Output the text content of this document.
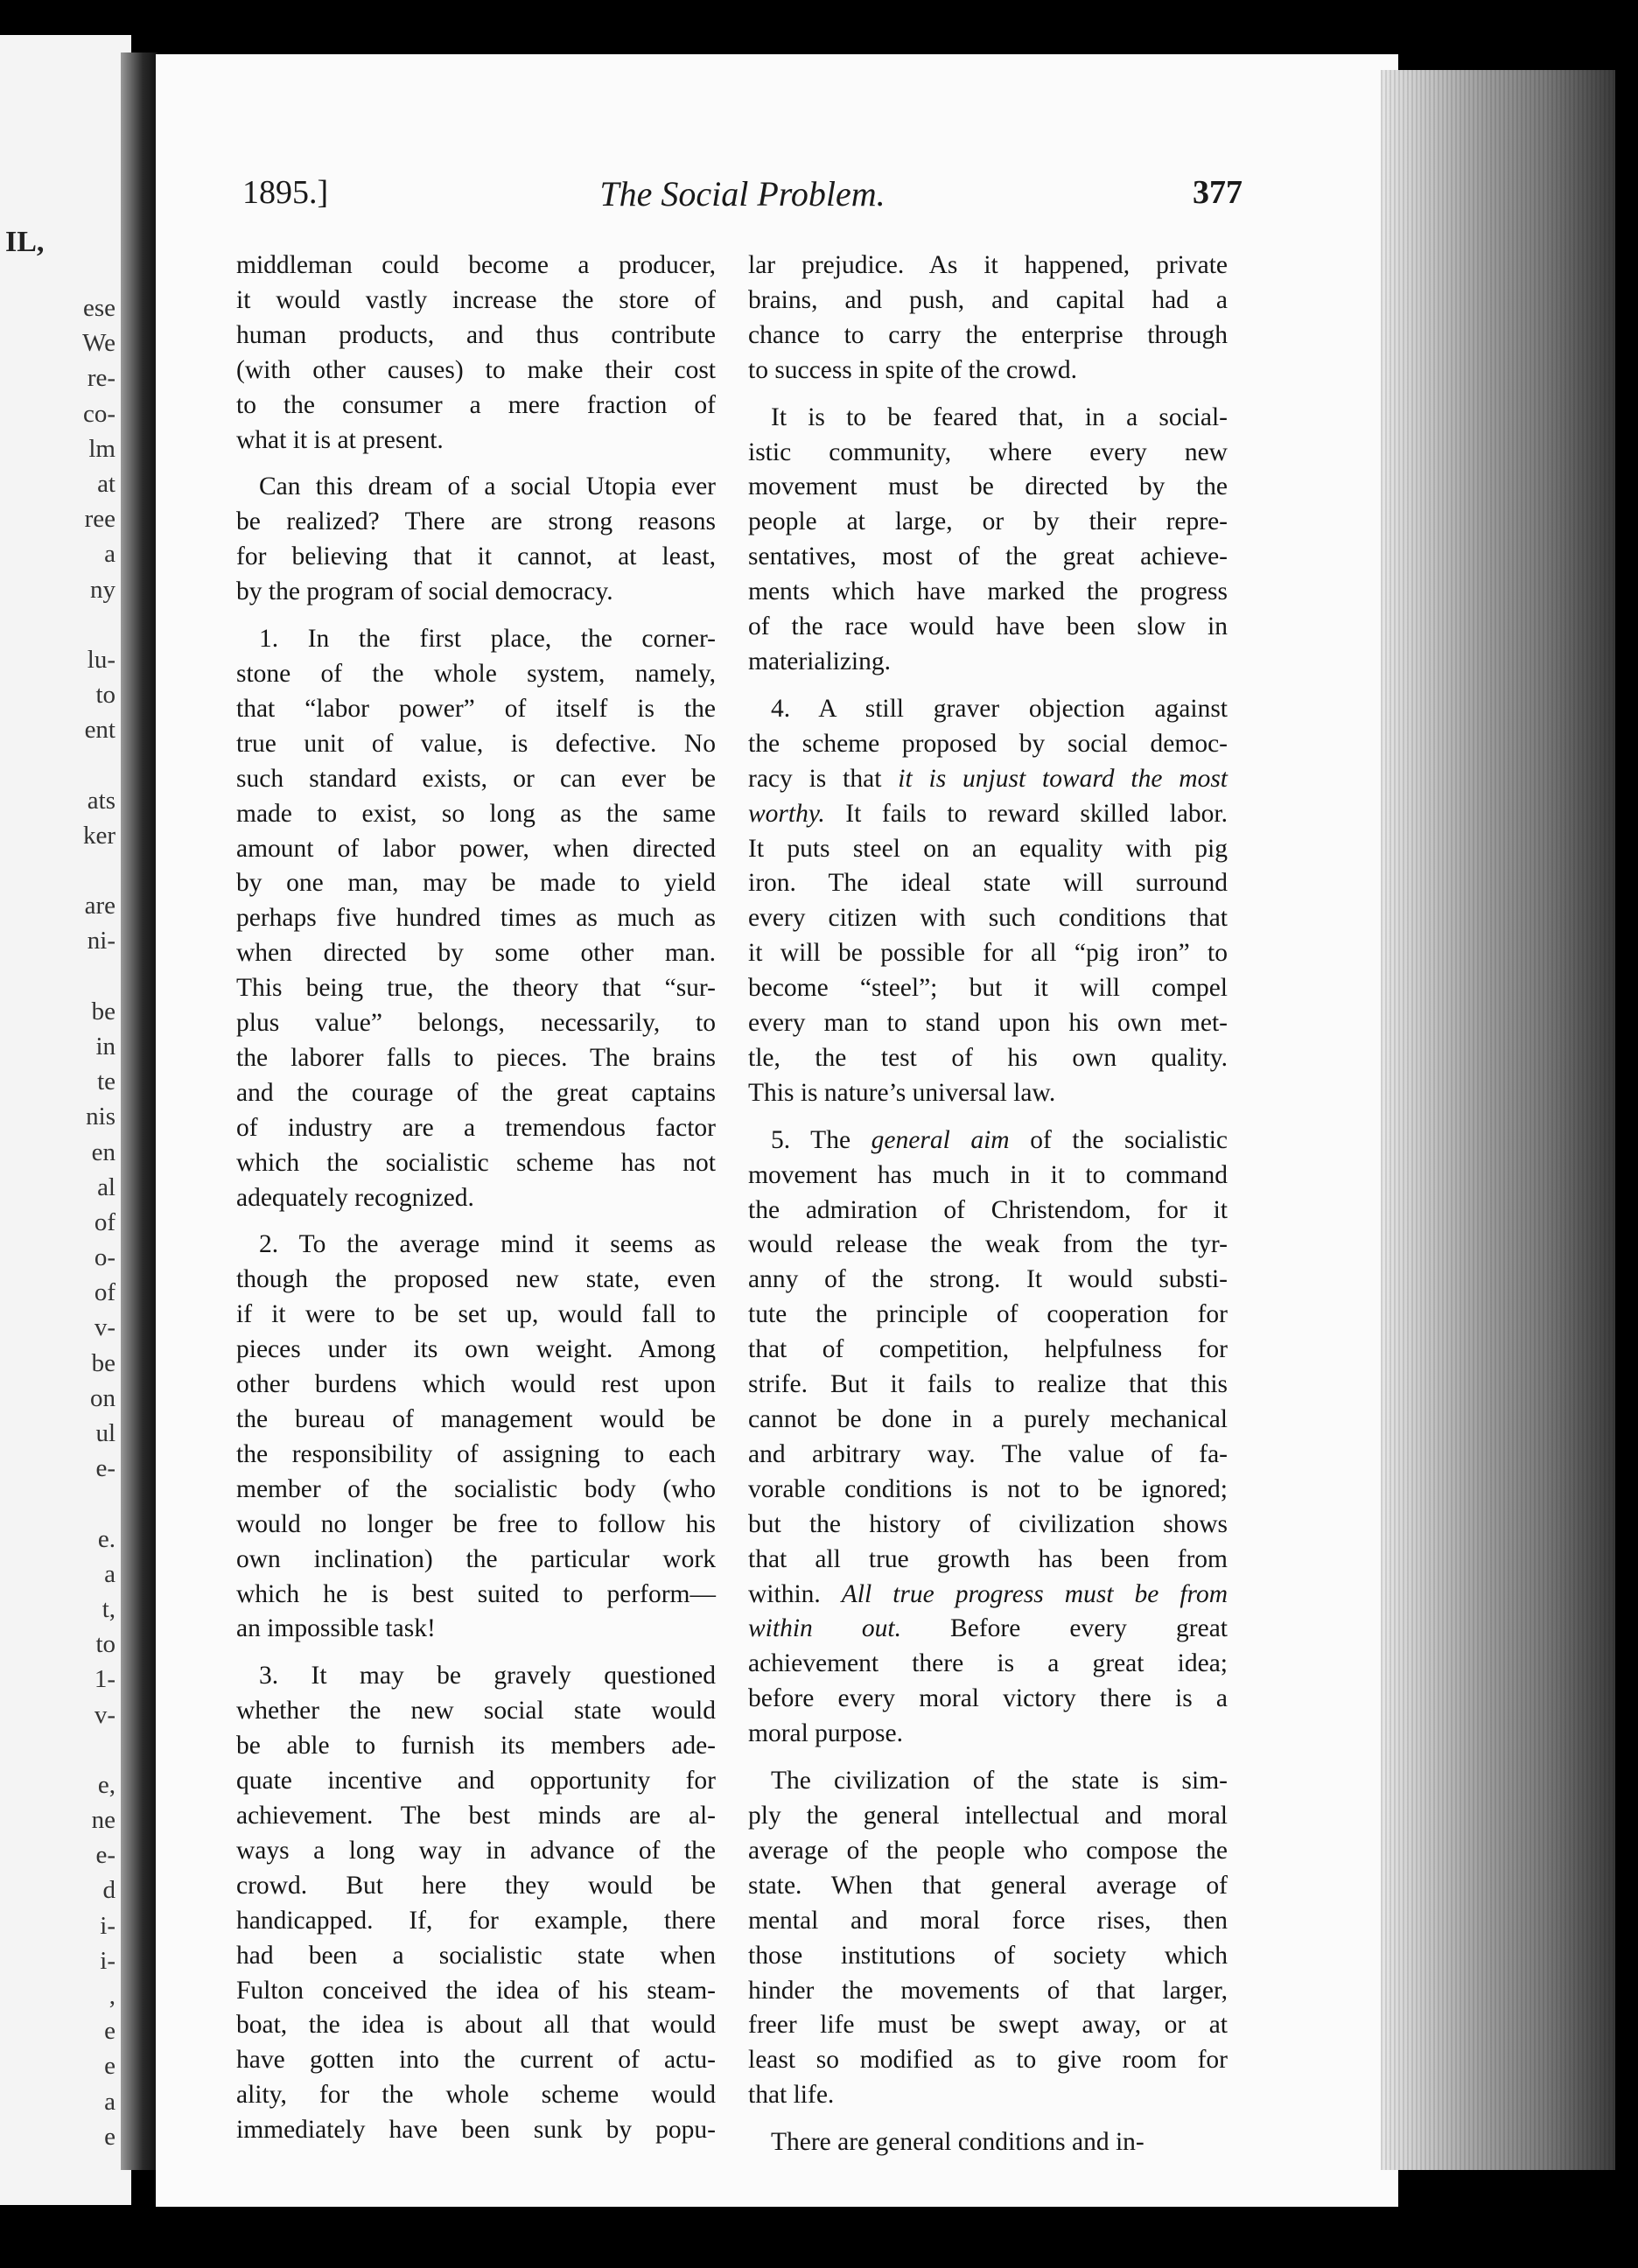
IL,
ese
We
re-
co-
lm
at
ree
a
ny
lu-
to
ent
ats
ker
are
ni-
be
in
te
nis
en
al
of
o-
of
v-
be
on
ul
e-
e.
a
t,
to
1-
v-
e,
ne
e-
d
i-
i-
,
e
e
a
e
1895.]	The Social Problem.	377

middleman could become a producer,

it would vastly increase the store of

human products, and thus contribute

(with other causes) to make their cost

to the consumer a mere fraction of

what it is at present.

Can this dream of a social Utopia ever

be realized? There are strong reasons

for believing that it cannot, at least,

by the program of social democracy.

1. In the first place, the corner-

stone of the whole system, namely,

that “labor power” of itself is the

true unit of value, is defective. No

such standard exists, or can ever be

made to exist, so long as the same

amount of labor power, when directed

by one man, may be made to yield

perhaps five hundred times as much as

when directed by some other man.

This being true, the theory that “sur-

plus value” belongs, necessarily, to

the laborer falls to pieces. The brains

and the courage of the great captains

of industry are a tremendous factor

which the socialistic scheme has not

adequately recognized.

2. To the average mind it seems as

though the proposed new state, even

if it were to be set up, would fall to

pieces under its own weight. Among

other burdens which would rest upon

the bureau of management would be

the responsibility of assigning to each

member of the socialistic body (who

would no longer be free to follow his

own inclination) the particular work

which he is best suited to perform—

an impossible task!

3. It may be gravely questioned

whether the new social state would

be able to furnish its members ade-

quate incentive and opportunity for

achievement. The best minds are al-

ways a long way in advance of the

crowd. But here they would be

handicapped. If, for example, there

had been a socialistic state when

Fulton conceived the idea of his steam-

boat, the idea is about all that would

have gotten into the current of actu-

ality, for the whole scheme would

immediately have been sunk by popu-

lar prejudice. As it happened, private

brains, and push, and capital had a

chance to carry the enterprise through

to success in spite of the crowd.

It is to be feared that, in a social-

istic community, where every new

movement must be directed by the

people at large, or by their repre-

sentatives, most of the great achieve-

ments which have marked the progress

of the race would have been slow in

materializing.

4. A still graver objection against

the scheme proposed by social democ-

racy is that it is unjust toward the most

worthy. It fails to reward skilled labor.

It puts steel on an equality with pig

iron. The ideal state will surround

every citizen with such conditions that

it will be possible for all “pig iron” to

become “steel”; but it will compel

every man to stand upon his own met-

tle, the test of his own quality.

This is nature’s universal law.

5. The general aim of the socialistic

movement has much in it to command

the admiration of Christendom, for it

would release the weak from the tyr-

anny of the strong. It would substi-

tute the principle of cooperation for

that of competition, helpfulness for

strife. But it fails to realize that this

cannot be done in a purely mechanical

and arbitrary way. The value of fa-

vorable conditions is not to be ignored;

but the history of civilization shows

that all true growth has been from

within. All true progress must be from

within out. Before every great

achievement there is a great idea;

before every moral victory there is a

moral purpose.

The civilization of the state is sim-

ply the general intellectual and moral

average of the people who compose the

state. When that general average of

mental and moral force rises, then

those institutions of society which

hinder the movements of that larger,

freer life must be swept away, or at

least so modified as to give room for

that life.

There are general conditions and in-
